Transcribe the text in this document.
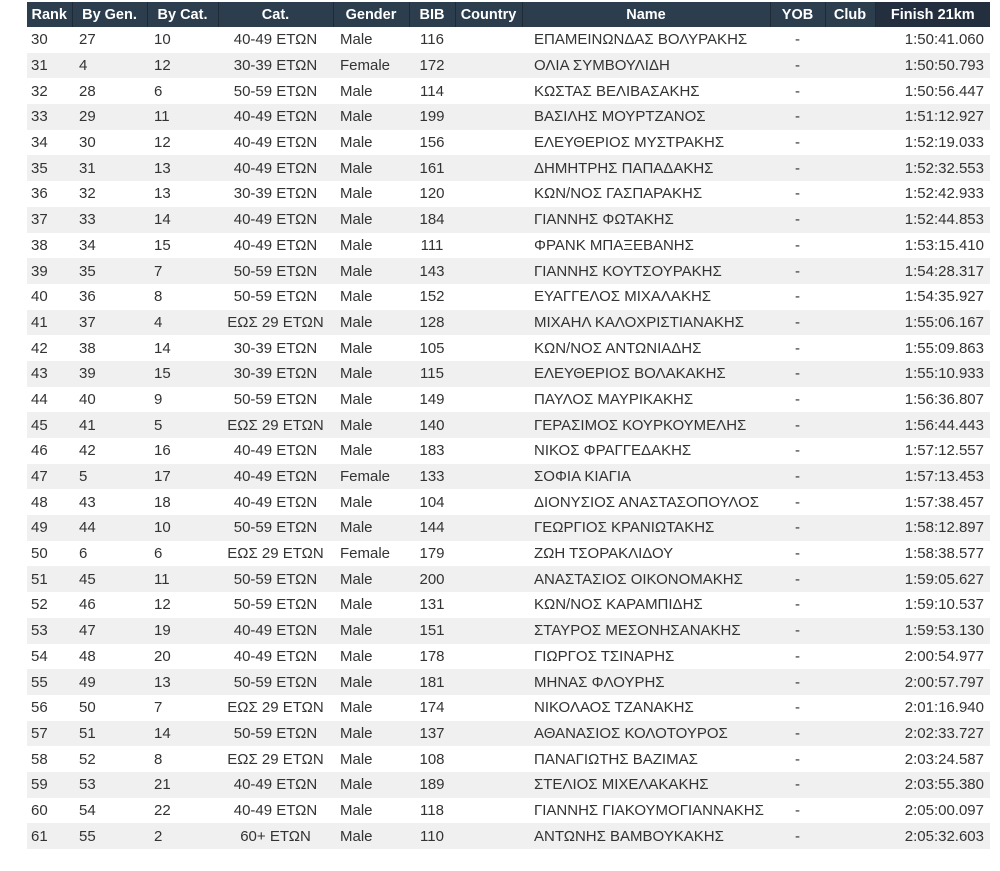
Rank	By Gen.	By Cat.	Cat.	Gender	BIB	Country	Name	YOB	Club	Finish 21km
30	27	10	40-49 ΕΤΩΝ	Male	116		ΕΠΑΜΕΙΝΩΝΔΑΣ ΒΟΛΥΡΑΚΗΣ	-		1:50:41.060
31	4	12	30-39 ΕΤΩΝ	Female	172		ΟΛΙΑ ΣΥΜΒΟΥΛΙΔΗ	-		1:50:50.793
32	28	6	50-59 ΕΤΩΝ	Male	114		ΚΩΣΤΑΣ ΒΕΛΙΒΑΣΑΚΗΣ	-		1:50:56.447
33	29	11	40-49 ΕΤΩΝ	Male	199		ΒΑΣΙΛΗΣ ΜΟΥΡΤΖΑΝΟΣ	-		1:51:12.927
34	30	12	40-49 ΕΤΩΝ	Male	156		ΕΛΕΥΘΕΡΙΟΣ ΜΥΣΤΡΑΚΗΣ	-		1:52:19.033
35	31	13	40-49 ΕΤΩΝ	Male	161		ΔΗΜΗΤΡΗΣ ΠΑΠΑΔΑΚΗΣ	-		1:52:32.553
36	32	13	30-39 ΕΤΩΝ	Male	120		ΚΩΝ/ΝΟΣ ΓΑΣΠΑΡΑΚΗΣ	-		1:52:42.933
37	33	14	40-49 ΕΤΩΝ	Male	184		ΓΙΑΝΝΗΣ ΦΩΤΑΚΗΣ	-		1:52:44.853
38	34	15	40-49 ΕΤΩΝ	Male	111		ΦΡΑΝΚ ΜΠΑΞΕΒΑΝΗΣ	-		1:53:15.410
39	35	7	50-59 ΕΤΩΝ	Male	143		ΓΙΑΝΝΗΣ ΚΟΥΤΣΟΥΡΑΚΗΣ	-		1:54:28.317
40	36	8	50-59 ΕΤΩΝ	Male	152		ΕΥΑΓΓΕΛΟΣ ΜΙΧΑΛΑΚΗΣ	-		1:54:35.927
41	37	4	ΕΩΣ 29 ΕΤΩΝ	Male	128		ΜΙΧΑΗΛ ΚΑΛΟΧΡΙΣΤΙΑΝΑΚΗΣ	-		1:55:06.167
42	38	14	30-39 ΕΤΩΝ	Male	105		ΚΩΝ/ΝΟΣ ΑΝΤΩΝΙΑΔΗΣ	-		1:55:09.863
43	39	15	30-39 ΕΤΩΝ	Male	115		ΕΛΕΥΘΕΡΙΟΣ ΒΟΛΑΚΑΚΗΣ	-		1:55:10.933
44	40	9	50-59 ΕΤΩΝ	Male	149		ΠΑΥΛΟΣ ΜΑΥΡΙΚΑΚΗΣ	-		1:56:36.807
45	41	5	ΕΩΣ 29 ΕΤΩΝ	Male	140		ΓΕΡΑΣΙΜΟΣ ΚΟΥΡΚΟΥΜΕΛΗΣ	-		1:56:44.443
46	42	16	40-49 ΕΤΩΝ	Male	183		ΝΙΚΟΣ ΦΡΑΓΓΕΔΑΚΗΣ	-		1:57:12.557
47	5	17	40-49 ΕΤΩΝ	Female	133		ΣΟΦΙΑ ΚΙΑΓΙΑ	-		1:57:13.453
48	43	18	40-49 ΕΤΩΝ	Male	104		ΔΙΟΝΥΣΙΟΣ ΑΝΑΣΤΑΣΟΠΟΥΛΟΣ	-		1:57:38.457
49	44	10	50-59 ΕΤΩΝ	Male	144		ΓΕΩΡΓΙΟΣ ΚΡΑΝΙΩΤΑΚΗΣ	-		1:58:12.897
50	6	6	ΕΩΣ 29 ΕΤΩΝ	Female	179		ΖΩΗ ΤΣΟΡΑΚΛΙΔΟΥ	-		1:58:38.577
51	45	11	50-59 ΕΤΩΝ	Male	200		ΑΝΑΣΤΑΣΙΟΣ ΟΙΚΟΝΟΜΑΚΗΣ	-		1:59:05.627
52	46	12	50-59 ΕΤΩΝ	Male	131		ΚΩΝ/ΝΟΣ ΚΑΡΑΜΠΙΔΗΣ	-		1:59:10.537
53	47	19	40-49 ΕΤΩΝ	Male	151		ΣΤΑΥΡΟΣ ΜΕΣΟΝΗΣΑΝΑΚΗΣ	-		1:59:53.130
54	48	20	40-49 ΕΤΩΝ	Male	178		ΓΙΩΡΓΟΣ ΤΣΙΝΑΡΗΣ	-		2:00:54.977
55	49	13	50-59 ΕΤΩΝ	Male	181		ΜΗΝΑΣ ΦΛΟΥΡΗΣ	-		2:00:57.797
56	50	7	ΕΩΣ 29 ΕΤΩΝ	Male	174		ΝΙΚΟΛΑΟΣ ΤΖΑΝΑΚΗΣ	-		2:01:16.940
57	51	14	50-59 ΕΤΩΝ	Male	137		ΑΘΑΝΑΣΙΟΣ ΚΟΛΟΤΟΥΡΟΣ	-		2:02:33.727
58	52	8	ΕΩΣ 29 ΕΤΩΝ	Male	108		ΠΑΝΑΓΙΩΤΗΣ ΒΑΖΙΜΑΣ	-		2:03:24.587
59	53	21	40-49 ΕΤΩΝ	Male	189		ΣΤΕΛΙΟΣ ΜΙΧΕΛΑΚΑΚΗΣ	-		2:03:55.380
60	54	22	40-49 ΕΤΩΝ	Male	118		ΓΙΑΝΝΗΣ ΓΙΑΚΟΥΜΟΓΙΑΝΝΑΚΗΣ	-		2:05:00.097
61	55	2	60+ ΕΤΩΝ	Male	110		ΑΝΤΩΝΗΣ ΒΑΜΒΟΥΚΑΚΗΣ	-		2:05:32.603
